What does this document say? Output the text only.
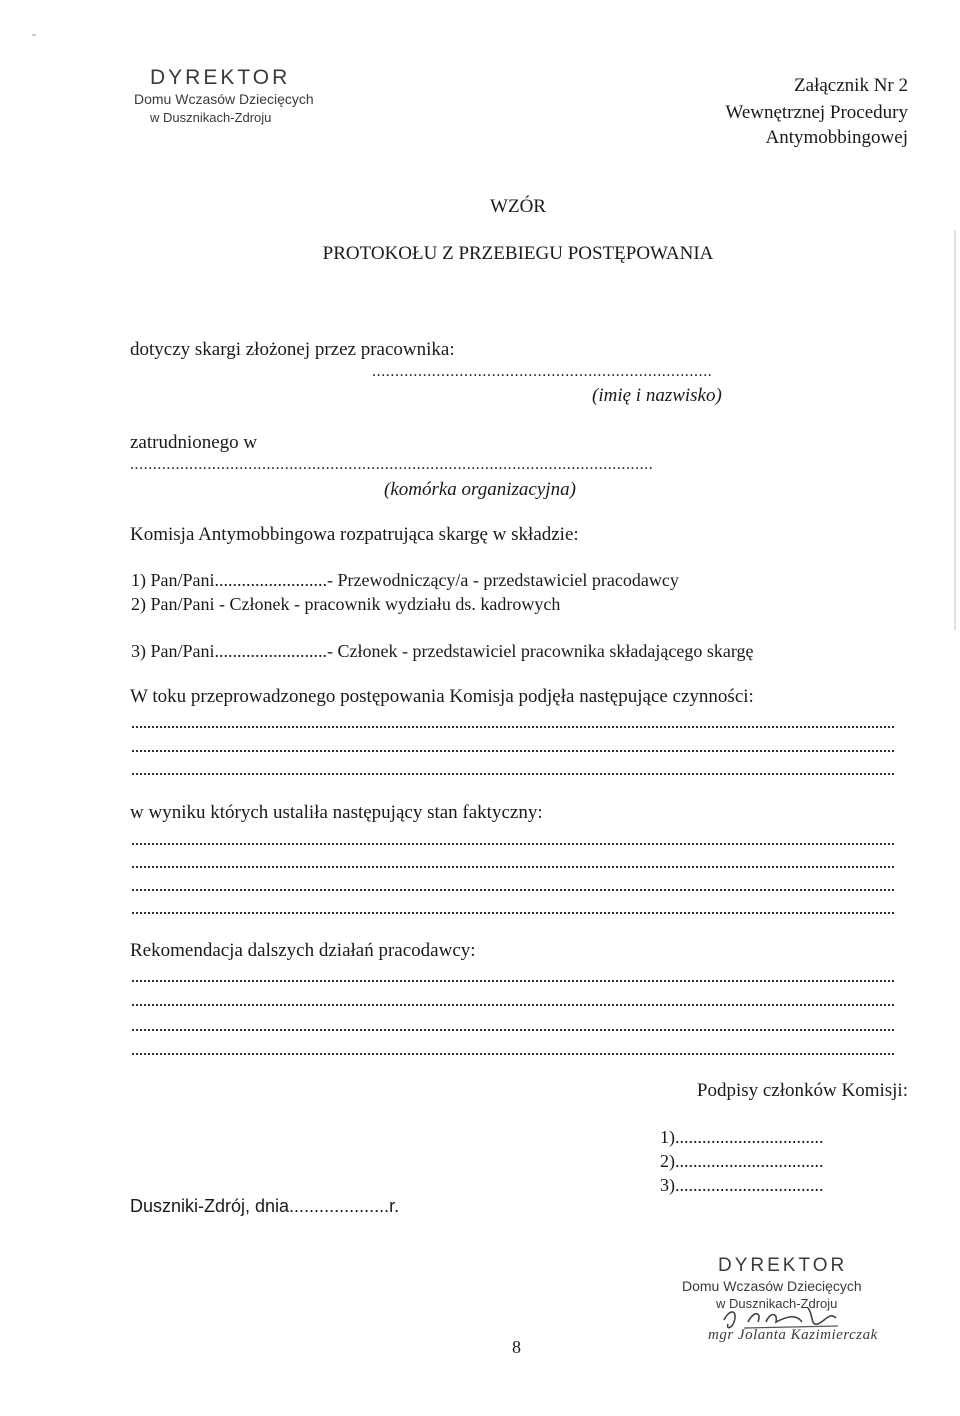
DYREKTOR
Domu Wczasów Dziecięcych
w Dusznikach-Zdroju
Załącznik Nr 2
Wewnętrznej Procedury
Antymobbingowej
WZÓR
PROTOKOŁU Z PRZEBIEGU POSTĘPOWANIA
dotyczy skargi złożonej przez pracownika:
..........................................................................
(imię i nazwisko)
zatrudnionego w
...................................................................................................................
(komórka organizacyjna)
Komisja Antymobbingowa rozpatrująca skargę w składzie:
1) Pan/Pani.........................- Przewodniczący/a - przedstawiciel pracodawcy
2) Pan/Pani - Członek - pracownik wydziału ds. kadrowych
3) Pan/Pani.........................- Członek - przedstawiciel pracownika składającego skargę
W toku przeprowadzonego postępowania Komisja podjęła następujące czynności:
w wyniku których ustaliła następujący stan faktyczny:
Rekomendacja dalszych działań pracodawcy:
Podpisy członków Komisji:
1).................................
2).................................
3).................................
Duszniki-Zdrój, dnia....................r.
8
DYREKTOR
Domu Wczasów Dziecięcych
w Dusznikach-Zdroju
mgr Jolanta Kazimierczak
